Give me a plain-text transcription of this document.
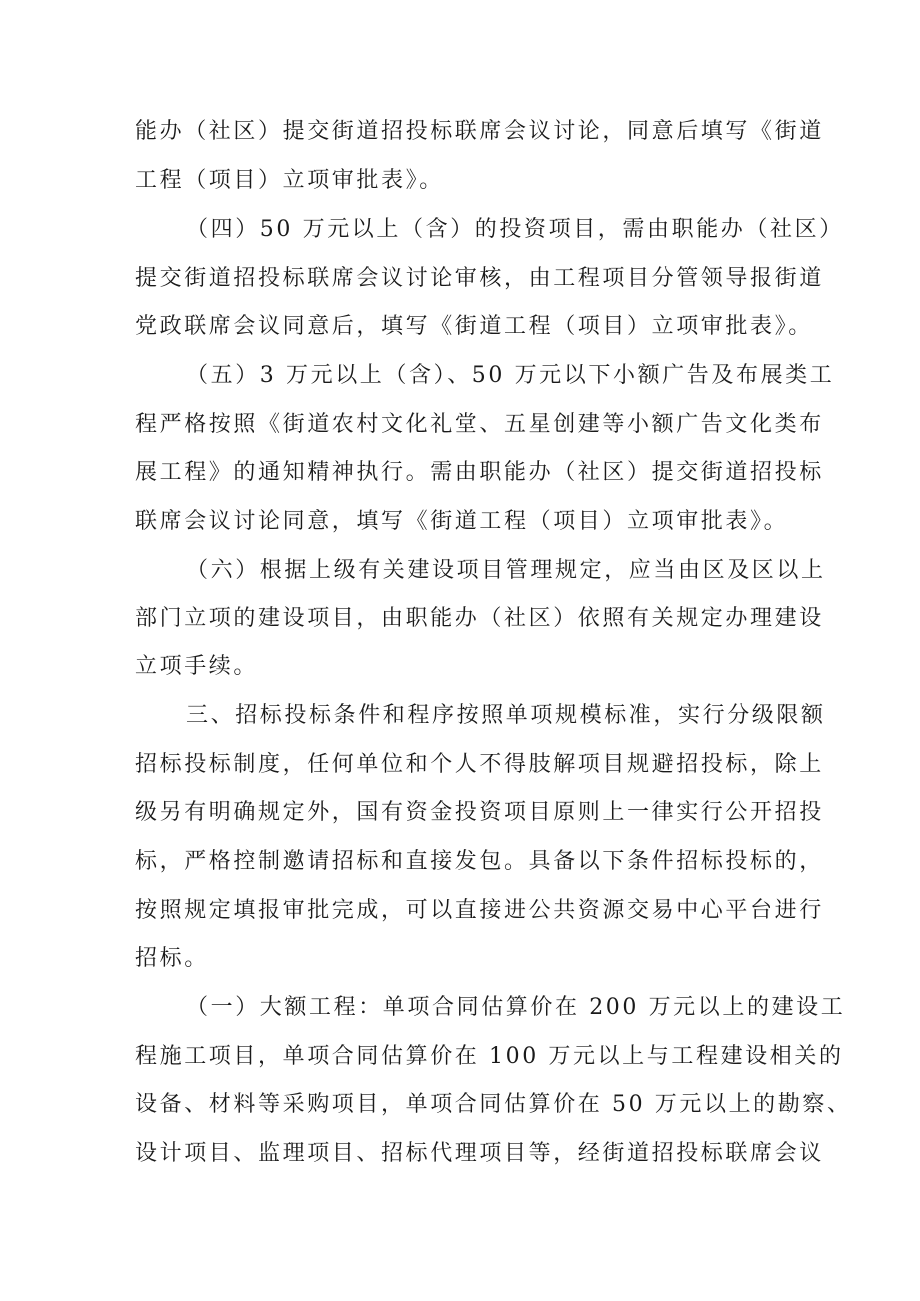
能办（社区）提交街道招投标联席会议讨论，同意后填写《街道
工程（项目）立项审批表》。
（四）50 万元以上（含）的投资项目，需由职能办（社区）
提交街道招投标联席会议讨论审核，由工程项目分管领导报街道
党政联席会议同意后，填写《街道工程（项目）立项审批表》。
（五）3 万元以上（含）、50 万元以下小额广告及布展类工
程严格按照《街道农村文化礼堂、五星创建等小额广告文化类布
展工程》的通知精神执行。需由职能办（社区）提交街道招投标
联席会议讨论同意，填写《街道工程（项目）立项审批表》。
（六）根据上级有关建设项目管理规定，应当由区及区以上
部门立项的建设项目，由职能办（社区）依照有关规定办理建设
立项手续。
三、招标投标条件和程序按照单项规模标准，实行分级限额
招标投标制度，任何单位和个人不得肢解项目规避招投标，除上
级另有明确规定外，国有资金投资项目原则上一律实行公开招投
标，严格控制邀请招标和直接发包。具备以下条件招标投标的，
按照规定填报审批完成，可以直接进公共资源交易中心平台进行
招标。
（一）大额工程：单项合同估算价在 200 万元以上的建设工
程施工项目，单项合同估算价在 100 万元以上与工程建设相关的
设备、材料等采购项目，单项合同估算价在 50 万元以上的勘察、
设计项目、监理项目、招标代理项目等，经街道招投标联席会议
